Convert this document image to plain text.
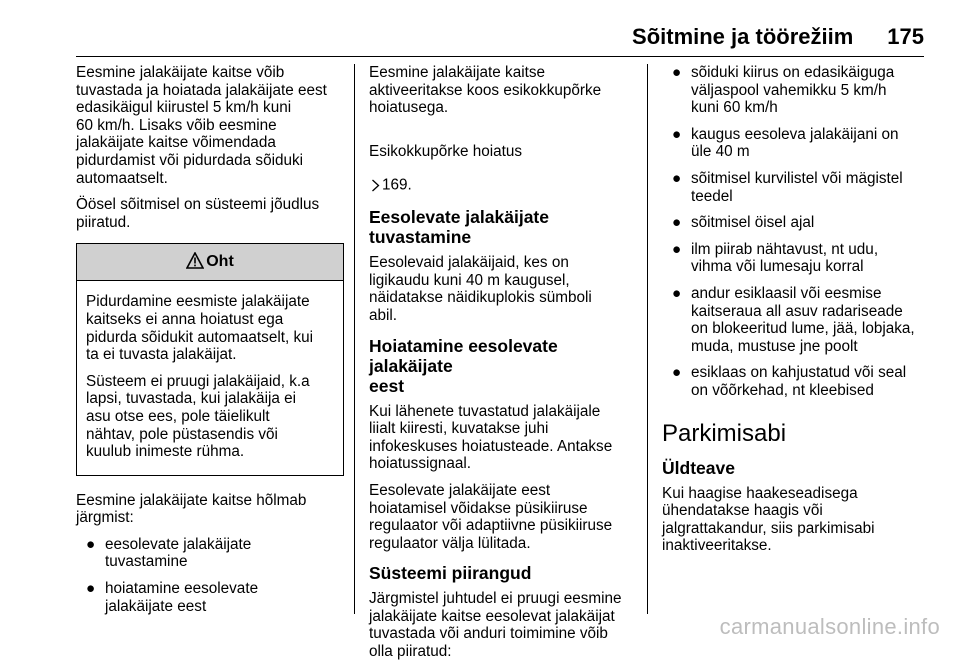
Sõitmine ja töörežiim 175

Eesmine jalakäijate kaitse võib
tuvastada ja hoiatada jalakäijate eest
edasikäigul kiirustel 5 km/h kuni
60 km/h. Lisaks võib eesmine
jalakäijate kaitse võimendada
pidurdamist või pidurdada sõiduki
automaatselt.

Öösel sõitmisel on süsteemi jõudlus
piiratud.

Oht

Pidurdamine eesmiste jalakäijate
kaitseks ei anna hoiatust ega
pidurda sõidukit automaatselt, kui
ta ei tuvasta jalakäijat.

Süsteem ei pruugi jalakäijaid, k.a
lapsi, tuvastada, kui jalakäija ei
asu otse ees, pole täielikult
nähtav, pole püstasendis või
kuulub inimeste rühma.

Eesmine jalakäijate kaitse hõlmab
järgmist:

● eesolevate jalakäijate
tuvastamine
● hoiatamine eesolevate
jalakäijate eest

Eesmine jalakäijate kaitse
aktiveeritakse koos esikokkupõrke
hoiatusega.

Esikokkupõrke hoiatus

169.

Eesolevate jalakäijate
tuvastamine

Eesolevaid jalakäijaid, kes on
ligikaudu kuni 40 m kaugusel,
näidatakse näidikuplokis sümboli
abil.

Hoiatamine eesolevate jalakäijate
eest

Kui lähenete tuvastatud jalakäijale
liialt kiiresti, kuvatakse juhi
infokeskuses hoiatusteade. Antakse
hoiatussignaal.

Eesolevate jalakäijate eest
hoiatamisel võidakse püsikiiruse
regulaator või adaptiivne püsikiiruse
regulaator välja lülitada.

Süsteemi piirangud

Järgmistel juhtudel ei pruugi eesmine
jalakäijate kaitse eesolevat jalakäijat
tuvastada või anduri toimimine võib
olla piiratud:

● sõiduki kiirus on edasikäiguga
väljaspool vahemikku 5 km/h
kuni 60 km/h
● kaugus eesoleva jalakäijani on
üle 40 m
● sõitmisel kurvilistel või mägistel
teedel
● sõitmisel öisel ajal
● ilm piirab nähtavust, nt udu,
vihma või lumesaju korral
● andur esiklaasil või eesmise
kaitseraua all asuv radariseade
on blokeeritud lume, jää, lobjaka,
muda, mustuse jne poolt
● esiklaas on kahjustatud või seal
on võõrkehad, nt kleebised
Parkimisabi
Üldteave

Kui haagise haakeseadisega
ühendatakse haagis või
jalgrattakandur, siis parkimisabi
inaktiveeritakse.

carmanualsonline.info
